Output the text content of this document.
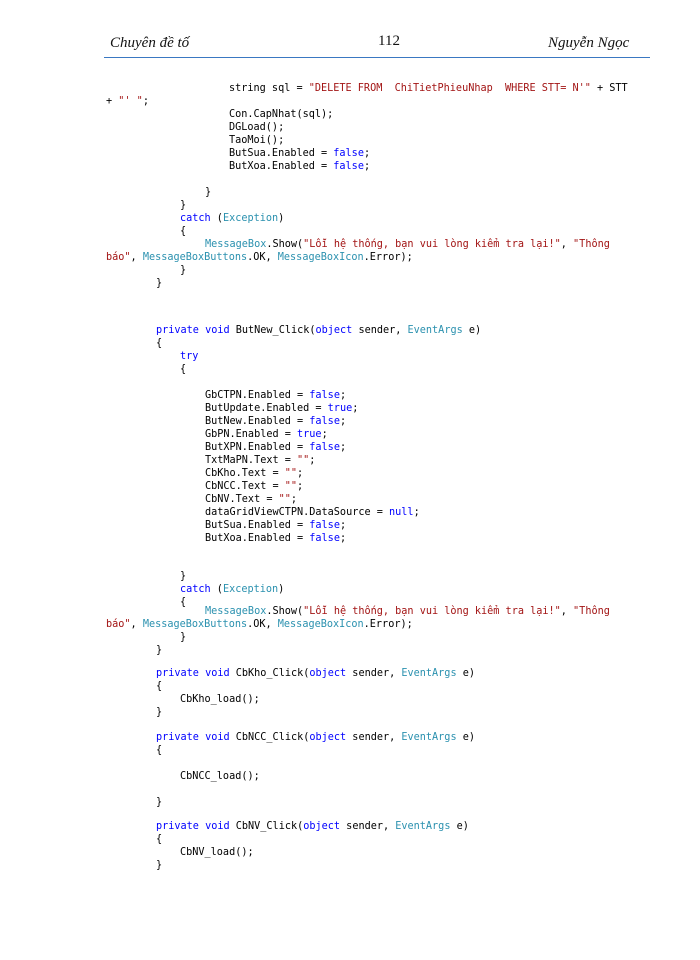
Chuyên đề tố	112	Nguyễn Ngọc
string sql = "DELETE FROM  ChiTietPhieuNhap  WHERE STT= N'" + STT
+ "' ";
Con.CapNhat(sql);
DGLoad();
TaoMoi();
ButSua.Enabled = false;
ButXoa.Enabled = false;
}
}
catch (Exception)
{
MessageBox.Show("Lỗi hệ thống, bạn vui lòng kiểm tra lại!", "Thông
báo", MessageBoxButtons.OK, MessageBoxIcon.Error);
}
}
private void ButNew_Click(object sender, EventArgs e)
{
try
{
GbCTPN.Enabled = false;
ButUpdate.Enabled = true;
ButNew.Enabled = false;
GbPN.Enabled = true;
ButXPN.Enabled = false;
TxtMaPN.Text = "";
CbKho.Text = "";
CbNCC.Text = "";
CbNV.Text = "";
dataGridViewCTPN.DataSource = null;
ButSua.Enabled = false;
ButXoa.Enabled = false;
}
catch (Exception)
{
MessageBox.Show("Lỗi hệ thống, bạn vui lòng kiểm tra lại!", "Thông
báo", MessageBoxButtons.OK, MessageBoxIcon.Error);
}
}
private void CbKho_Click(object sender, EventArgs e)
{
CbKho_load();
}
private void CbNCC_Click(object sender, EventArgs e)
{
CbNCC_load();
}
private void CbNV_Click(object sender, EventArgs e)
{
CbNV_load();
}
